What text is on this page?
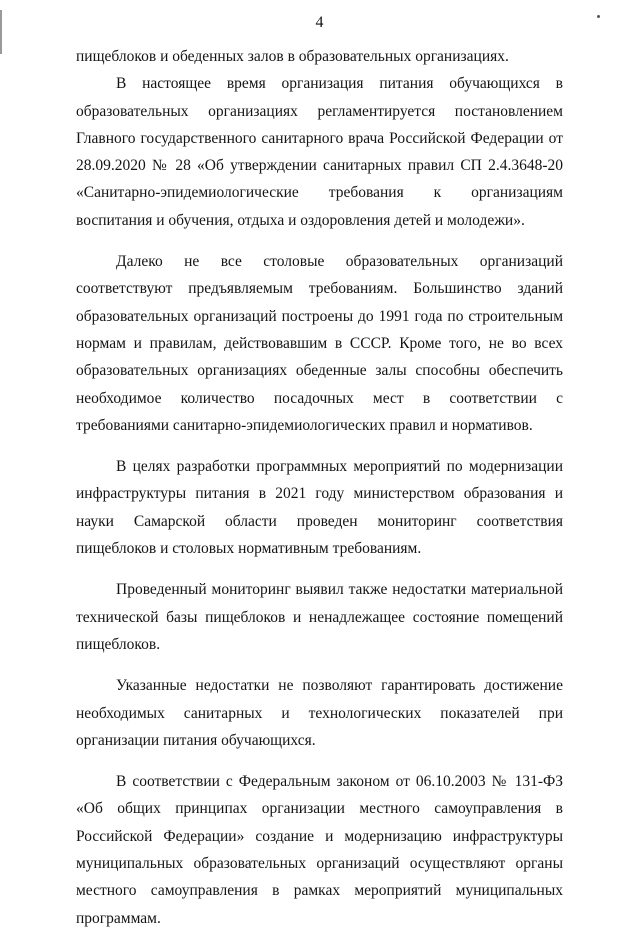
4

пищеблоков и обеденных залов в образовательных организациях.

В настоящее время организация питания обучающихся в образовательных организациях регламентируется постановлением Главного государственного санитарного врача Российской Федерации от 28.09.2020 № 28 «Об утверждении санитарных правил СП 2.4.3648-20 «Санитарно-эпидемиологические требования к организациям воспитания и обучения, отдыха и оздоровления детей и молодежи».

Далеко не все столовые образовательных организаций соответствуют предъявляемым требованиям. Большинство зданий образовательных организаций построены до 1991 года по строительным нормам и правилам, действовавшим в СССР. Кроме того, не во всех образовательных организациях обеденные залы способны обеспечить необходимое количество посадочных мест в соответствии с требованиями санитарно-эпидемиологических правил и нормативов.

В целях разработки программных мероприятий по модернизации инфраструктуры питания в 2021 году министерством образования и науки Самарской области проведен мониторинг соответствия пищеблоков и столовых нормативным требованиям.

Проведенный мониторинг выявил также недостатки материальной технической базы пищеблоков и ненадлежащее состояние помещений пищеблоков.

Указанные недостатки не позволяют гарантировать достижение необходимых санитарных и технологических показателей при организации питания обучающихся.

В соответствии с Федеральным законом от 06.10.2003 № 131-ФЗ «Об общих принципах организации местного самоуправления в Российской Федерации» создание и модернизацию инфраструктуры муниципальных образовательных организаций осуществляют органы местного самоуправления в рамках мероприятий муниципальных программам.
